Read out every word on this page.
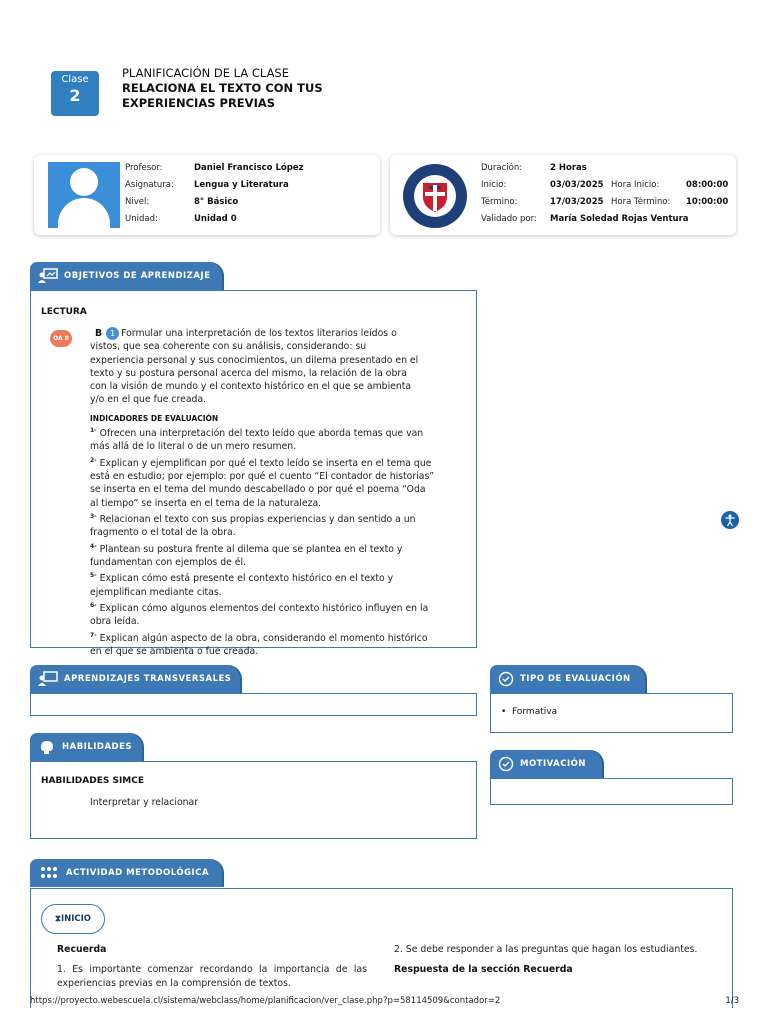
Clase
2
PLANIFICACIÓN DE LA CLASE
RELACIONA EL TEXTO CON TUS
EXPERIENCIAS PREVIAS
Profesor:	Daniel Francisco López
Asignatura:	Lengua y Literatura
Nivel:	8° Básico
Unidad:	Unidad 0
Duración:	2 Horas
Inicio:	03/03/2025 Hora Inicio:	08:00:00
Término:	17/03/2025 Hora Término:	10:00:00
Validado por:	María Soledad Rojas Ventura
OBJETIVOS DE APRENDIZAJE
LECTURA
OA 8	B 1 Formular una interpretación de los textos literarios leídos o vistos, que sea coherente con su análisis, considerando: su experiencia personal y sus conocimientos, un dilema presentado en el texto y su postura personal acerca del mismo, la relación de la obra con la visión de mundo y el contexto histórico en el que se ambienta y/o en el que fue creada.
INDICADORES DE EVALUACIÓN
$^{1-}$ Ofrecen una interpretación del texto leído que aborda temas que van más allá de lo literal o de un mero resumen.
$^{2-}$ Explican y ejemplifican por qué el texto leído se inserta en el tema que está en estudio; por ejemplo: por qué el cuento “El contador de historias” se inserta en el tema del mundo descabellado o por qué el poema “Oda al tiempo” se inserta en el tema de la naturaleza.
$^{3-}$ Relacionan el texto con sus propias experiencias y dan sentido a un fragmento o el total de la obra.
$^{4-}$ Plantean su postura frente al dilema que se plantea en el texto y fundamentan con ejemplos de él.
$^{5-}$ Explican cómo está presente el contexto histórico en el texto y ejemplifican mediante citas.
$^{6-}$ Explican cómo algunos elementos del contexto histórico influyen en la obra leída.
$^{7-}$ Explican algún aspecto de la obra, considerando el momento histórico en el que se ambienta o fue creada.
APRENDIZAJES TRANSVERSALES	TIPO DE EVALUACIÓN
•  Formativa
HABILIDADES
HABILIDADES SIMCE
Interpretar y relacionar
MOTIVACIÓN
ACTIVIDAD METODOLÓGICA
⧗ INICIO
Recuerda
1. Es importante comenzar recordando la importancia de las experiencias previas en la comprensión de textos.
2. Se debe responder a las preguntas que hagan los estudiantes.
Respuesta de la sección Recuerda
https://proyecto.webescuela.cl/sistema/webclass/home/planificacion/ver_clase.php?p=58114509&contador=2	1/3
